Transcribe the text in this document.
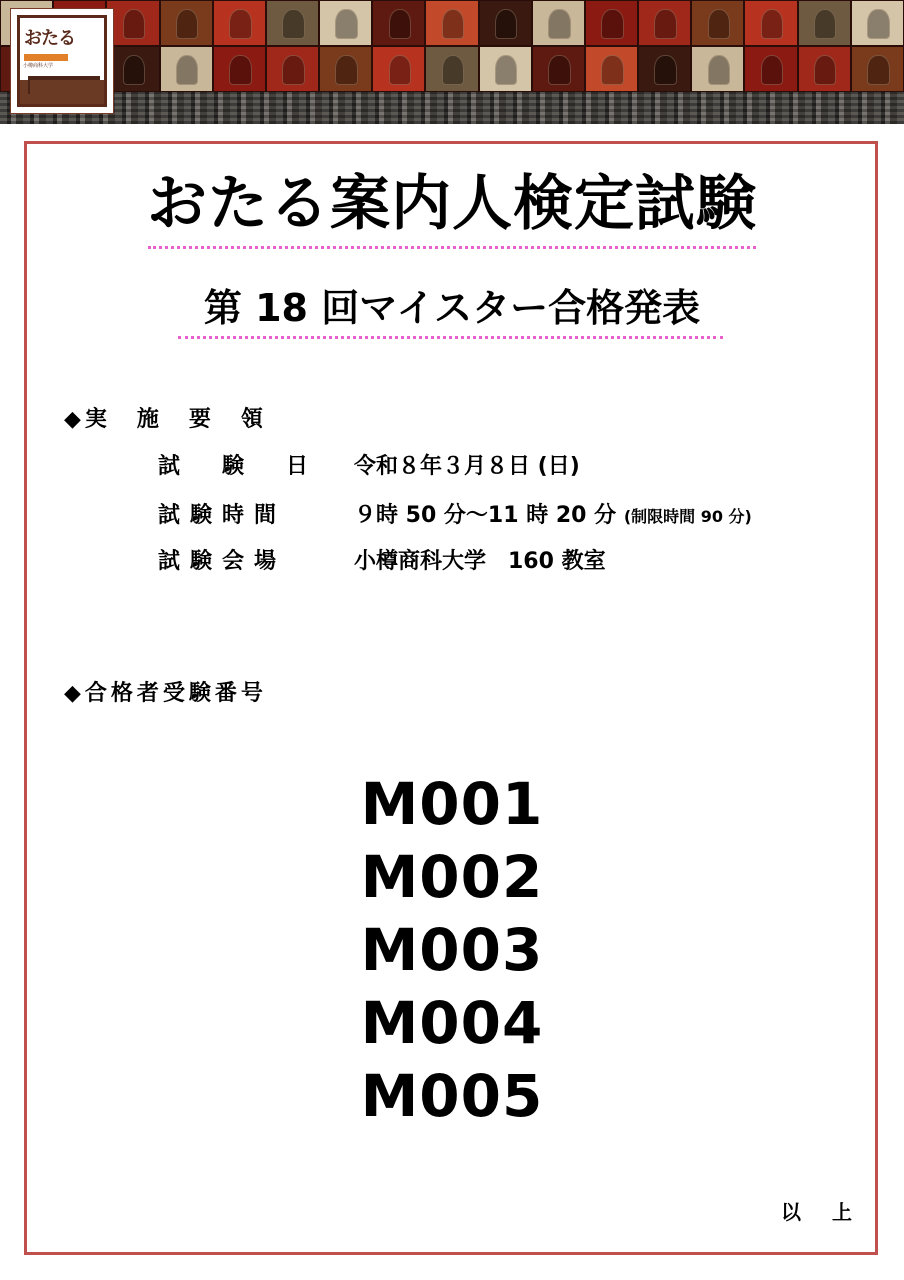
おたる
小樽商科大学
おたる案内人検定試験
第 18 回マイスター合格発表
◆実　施　要　領
試　験　日 令和８年３月８日 (日)
試験時間	９時 50 分～11 時 20 分 (制限時間 90 分)
試験会場	小樽商科大学　160 教室
◆合格者受験番号
M001
M002
M003
M004
M005
以 上
